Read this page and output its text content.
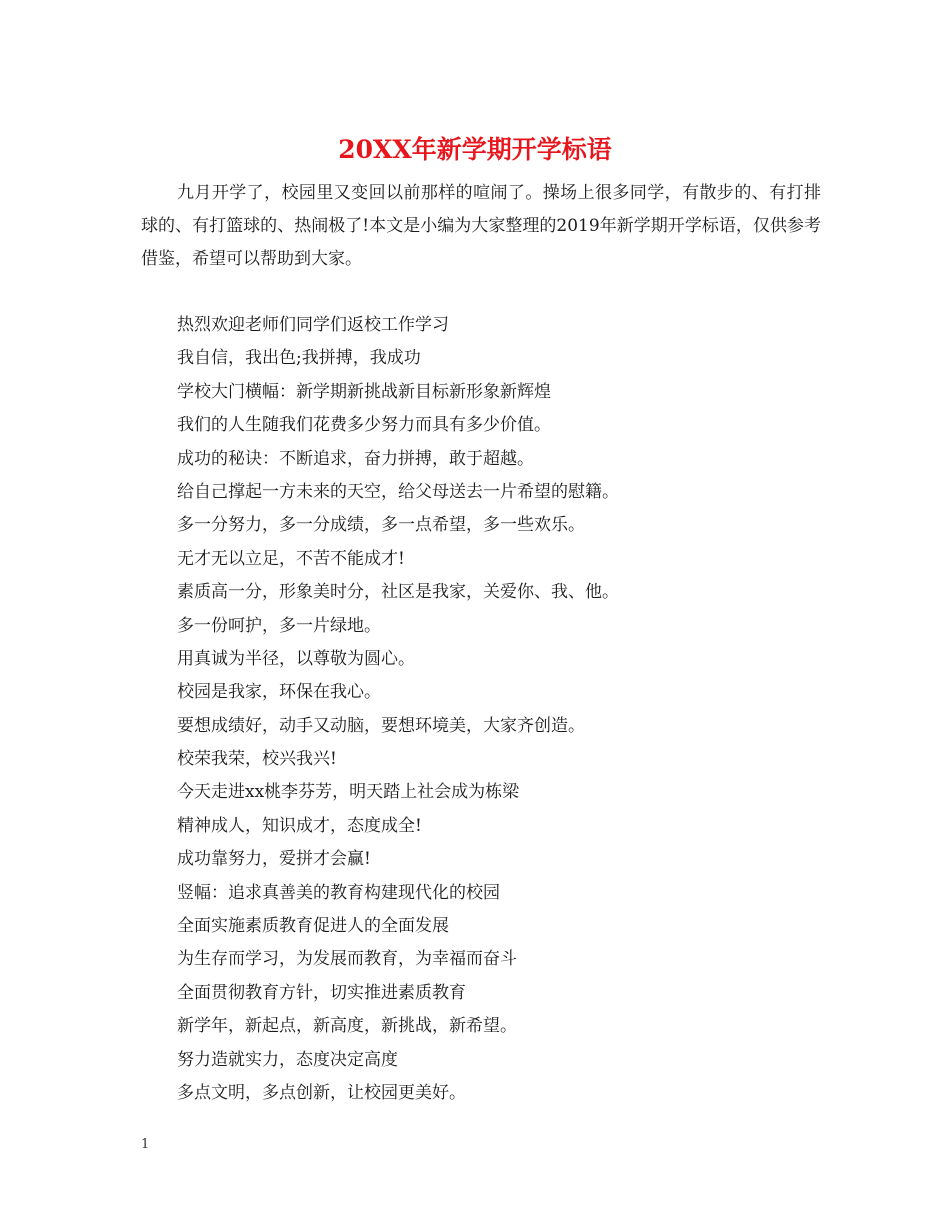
20XX年新学期开学标语

九月开学了，校园里又变回以前那样的喧闹了。操场上很多同学，有散步的、有打排球的、有打篮球的、热闹极了!本文是小编为大家整理的2019年新学期开学标语，仅供参考借鉴，希望可以帮助到大家。

热烈欢迎老师们同学们返校工作学习
我自信，我出色;我拼搏，我成功
学校大门横幅：新学期新挑战新目标新形象新辉煌
我们的人生随我们花费多少努力而具有多少价值。
成功的秘诀：不断追求，奋力拼搏，敢于超越。
给自己撑起一方未来的天空，给父母送去一片希望的慰籍。
多一分努力，多一分成绩，多一点希望，多一些欢乐。
无才无以立足，不苦不能成才!
素质高一分，形象美时分，社区是我家，关爱你、我、他。
多一份呵护，多一片绿地。
用真诚为半径，以尊敬为圆心。
校园是我家，环保在我心。
要想成绩好，动手又动脑，要想环境美，大家齐创造。
校荣我荣，校兴我兴!
今天走进xx桃李芬芳，明天踏上社会成为栋梁
精神成人，知识成才，态度成全!
成功靠努力，爱拼才会赢!
竖幅：追求真善美的教育构建现代化的校园
全面实施素质教育促进人的全面发展
为生存而学习，为发展而教育，为幸福而奋斗
全面贯彻教育方针，切实推进素质教育
新学年，新起点，新高度，新挑战，新希望。
努力造就实力，态度决定高度
多点文明，多点创新，让校园更美好。
1
